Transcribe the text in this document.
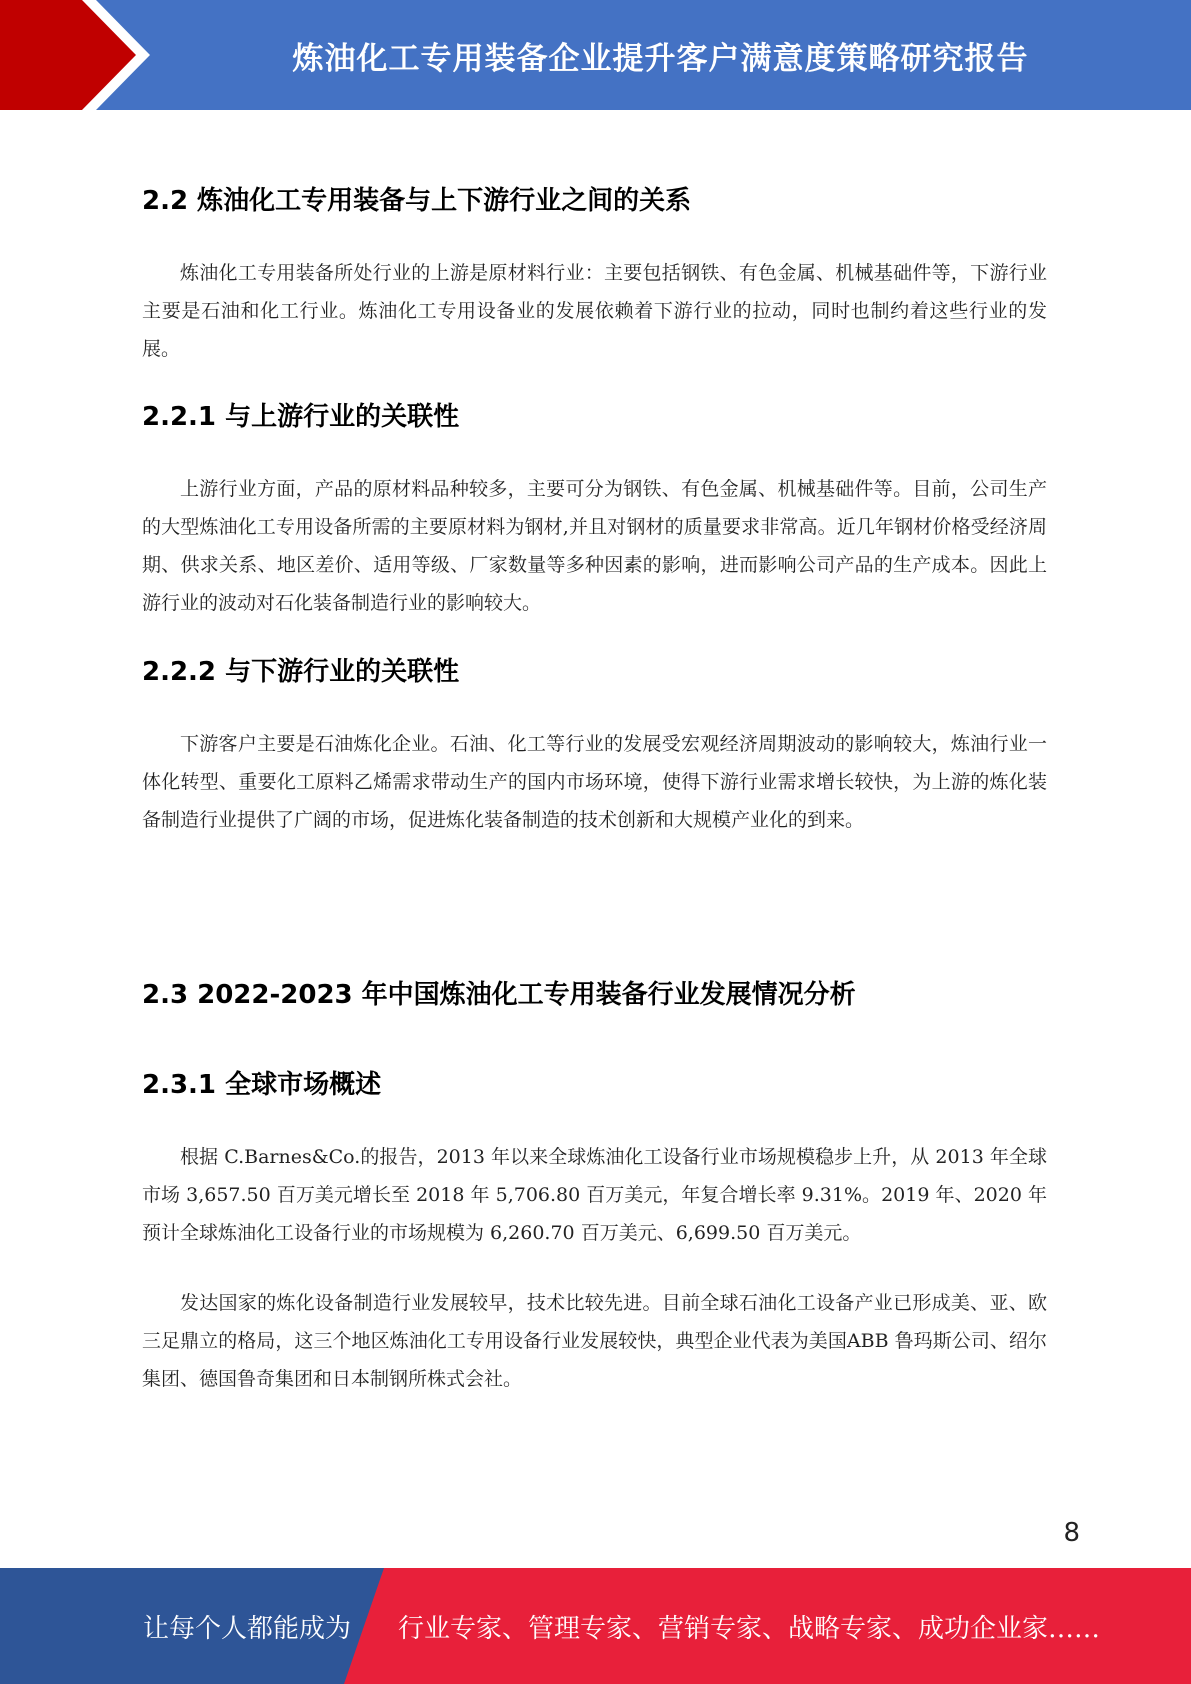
炼油化工专用装备企业提升客户满意度策略研究报告
2.2 炼油化工专用装备与上下游行业之间的关系

炼油化工专用装备所处行业的上游是原材料行业：主要包括钢铁、有色金属、机械基础件等，下游行业主要是石油和化工行业。炼油化工专用设备业的发展依赖着下游行业的拉动，同时也制约着这些行业的发展。

2.2.1 与上游行业的关联性

上游行业方面，产品的原材料品种较多，主要可分为钢铁、有色金属、机械基础件等。目前，公司生产的大型炼油化工专用设备所需的主要原材料为钢材,并且对钢材的质量要求非常高。近几年钢材价格受经济周期、供求关系、地区差价、适用等级、厂家数量等多种因素的影响，进而影响公司产品的生产成本。因此上游行业的波动对石化装备制造行业的影响较大。

2.2.2 与下游行业的关联性

下游客户主要是石油炼化企业。石油、化工等行业的发展受宏观经济周期波动的影响较大，炼油行业一体化转型、重要化工原料乙烯需求带动生产的国内市场环境，使得下游行业需求增长较快，为上游的炼化装备制造行业提供了广阔的市场，促进炼化装备制造的技术创新和大规模产业化的到来。

2.3 2022-2023 年中国炼油化工专用装备行业发展情况分析
2.3.1 全球市场概述

根据 C.Barnes&Co.的报告，2013 年以来全球炼油化工设备行业市场规模稳步上升，从 2013 年全球市场 3,657.50 百万美元增长至 2018 年 5,706.80 百万美元，年复合增长率 9.31%。2019 年、2020 年预计全球炼油化工设备行业的市场规模为 6,260.70 百万美元、6,699.50 百万美元。

发达国家的炼化设备制造行业发展较早，技术比较先进。目前全球石油化工设备产业已形成美、亚、欧三足鼎立的格局，这三个地区炼油化工专用设备行业发展较快，典型企业代表为美国ABB 鲁玛斯公司、绍尔集团、德国鲁奇集团和日本制钢所株式会社。

8
让每个人都能成为 行业专家、管理专家、营销专家、战略专家、成功企业家……
